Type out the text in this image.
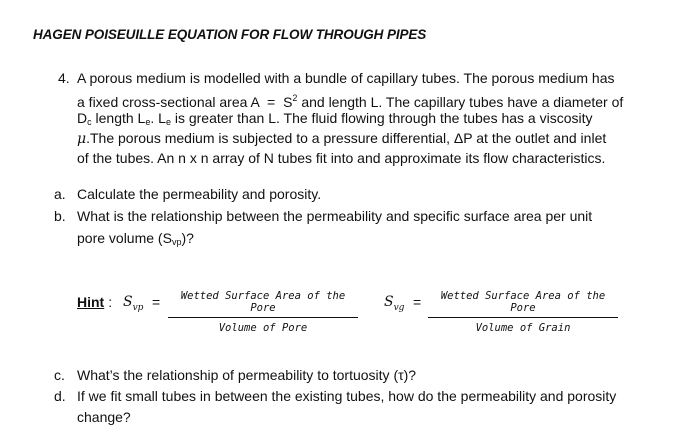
HAGEN POISEUILLE EQUATION FOR FLOW THROUGH PIPES
4. A porous medium is modelled with a bundle of capillary tubes. The porous medium has
a fixed cross-sectional area $A = S^2$ and length L. The capillary tubes have a diameter of
$D_c$ length $L_e$. $L_e$ is greater than L. The fluid flowing through the tubes has a viscosity
μ.The porous medium is subjected to a pressure differential, ΔP at the outlet and inlet
of the tubes. An n x n array of N tubes fit into and approximate its flow characteristics.
a. Calculate the permeability and porosity.
b. What is the relationship between the permeability and specific surface area per unit
pore volume $(S_{vp})$?
Hint : $S_{vp}$ =	Wetted Surface Area of the Pore
Volume of Pore
$S_{vg}$ =	Wetted Surface Area of the Pore
Volume of Grain
c. What’s the relationship of permeability to tortuosity (τ)?
d. If we fit small tubes in between the existing tubes, how do the permeability and porosity
change?
